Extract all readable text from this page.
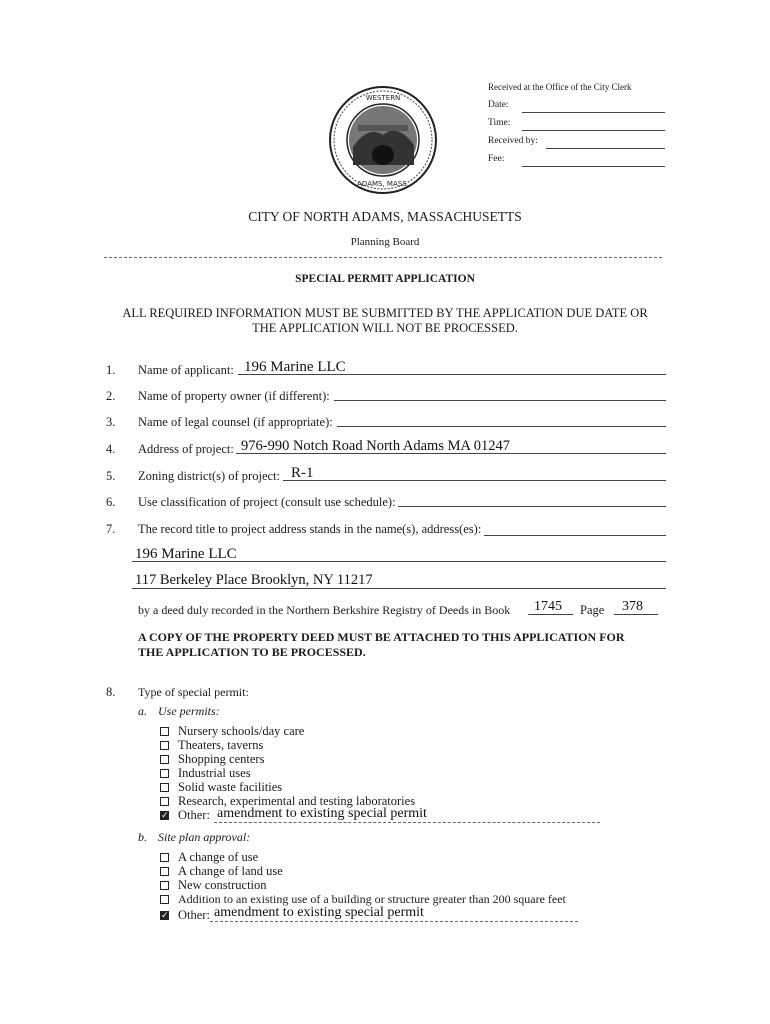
WESTERN
ADAMS, MASS.
Received at the Office of the City Clerk
Date:
Time:
Received by:
Fee:
CITY OF NORTH ADAMS, MASSACHUSETTS
Planning Board
SPECIAL PERMIT APPLICATION
ALL REQUIRED INFORMATION MUST BE SUBMITTED BY THE APPLICATION DUE DATE OR
THE APPLICATION WILL NOT BE PROCESSED.
1. Name of applicant: 196 Marine LLC
2. Name of property owner (if different):
3. Name of legal counsel (if appropriate):
4. Address of project: 976-990 Notch Road North Adams MA 01247
5. Zoning district(s) of project: R-1
6. Use classification of project (consult use schedule):
7. The record title to project address stands in the name(s), address(es):
196 Marine LLC
117 Berkeley Place Brooklyn, NY 11217
by a deed duly recorded in the Northern Berkshire Registry of Deeds in Book 1745 Page 378
A COPY OF THE PROPERTY DEED MUST BE ATTACHED TO THIS APPLICATION FOR
THE APPLICATION TO BE PROCESSED.
8. Type of special permit:
a. Use permits:
Nursery schools/day care
Theaters, taverns
Shopping centers
Industrial uses
Solid waste facilities
Research, experimental and testing laboratories
✓Other: amendment to existing special permit
b. Site plan approval:
A change of use
A change of land use
New construction
Addition to an existing use of a building or structure greater than 200 square feet
✓Other: amendment to existing special permit
